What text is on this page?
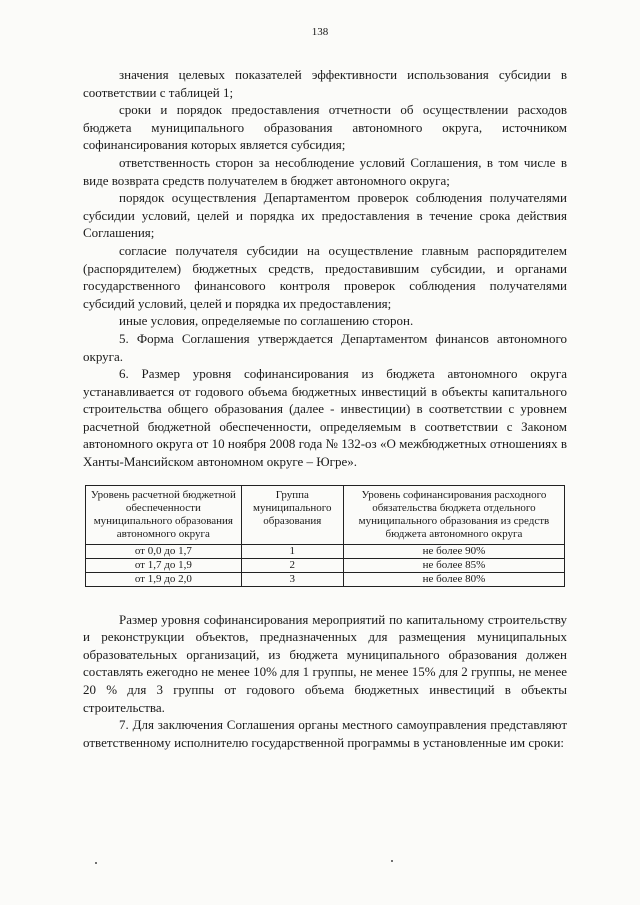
138

значения целевых показателей эффективности использования субсидии в соответствии с таблицей 1;

сроки и порядок предоставления отчетности об осуществлении расходов бюджета муниципального образования автономного округа, источником софинансирования которых является субсидия;

ответственность сторон за несоблюдение условий Соглашения, в том числе в виде возврата средств получателем в бюджет автономного округа;

порядок осуществления Департаментом проверок соблюдения получателями субсидии условий, целей и порядка их предоставления в течение срока действия Соглашения;

согласие получателя субсидии на осуществление главным распорядителем (распорядителем) бюджетных средств, предоставившим субсидии, и органами государственного финансового контроля проверок соблюдения получателями субсидий условий, целей и порядка их предоставления;

иные условия, определяемые по соглашению сторон.

5. Форма Соглашения утверждается Департаментом финансов автономного округа.

6. Размер уровня софинансирования из бюджета автономного округа устанавливается от годового объема бюджетных инвестиций в объекты капитального строительства общего образования (далее - инвестиции) в соответствии с уровнем расчетной бюджетной обеспеченности, определяемым в соответствии с Законом автономного округа от 10 ноября 2008 года № 132-оз «О межбюджетных отношениях в Ханты-Мансийском автономном округе – Югре».

Уровень расчетной бюджетной обеспеченности муниципального образования автономного округа	Группа муниципального образования	Уровень софинансирования расходного обязательства бюджета отдельного муниципального образования из средств бюджета автономного округа
от 0,0 до 1,7	1	не более 90%
от 1,7 до 1,9	2	не более 85%
от 1,9 до 2,0	3	не более 80%

Размер уровня софинансирования мероприятий по капитальному строительству и реконструкции объектов, предназначенных для размещения муниципальных образовательных организаций, из бюджета муниципального образования должен составлять ежегодно не менее 10% для 1 группы, не менее 15% для 2 группы, не менее 20 % для 3 группы от годового объема бюджетных инвестиций в объекты строительства.

7. Для заключения Соглашения органы местного самоуправления представляют ответственному исполнителю государственной программы в установленные им сроки:
